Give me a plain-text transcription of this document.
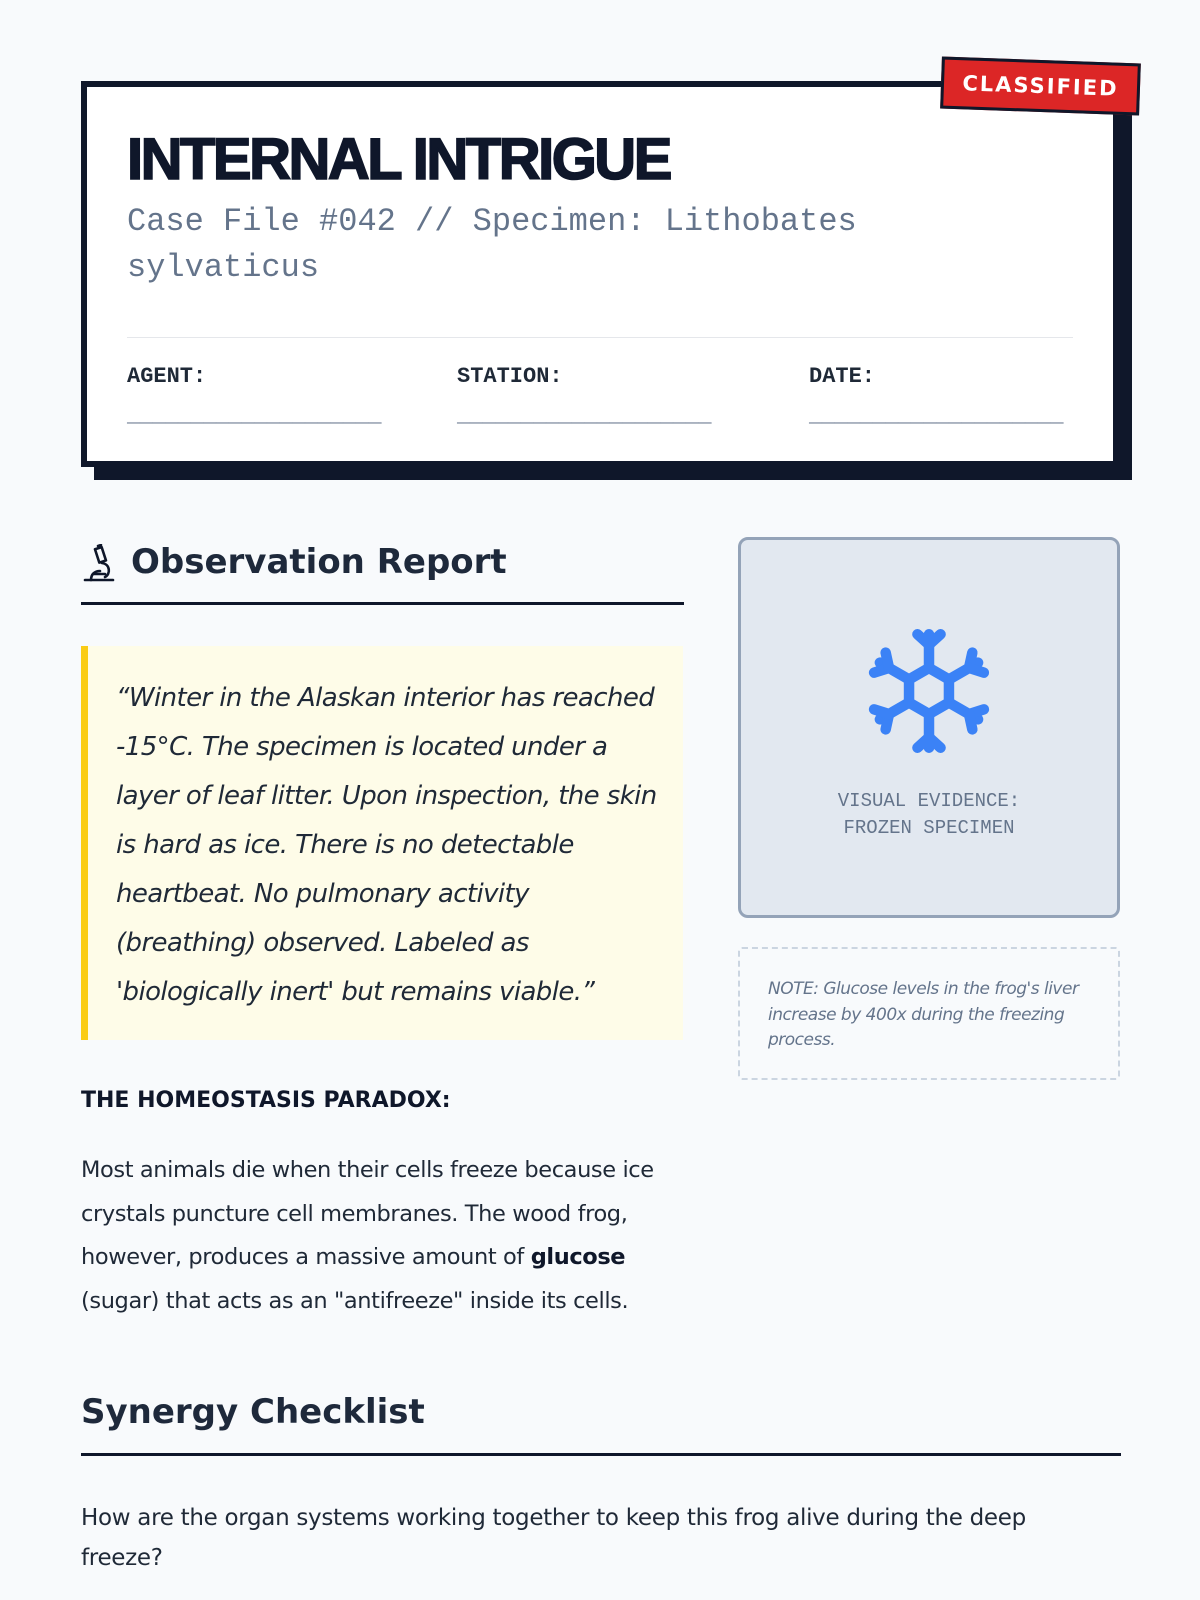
INTERNAL INTRIGUE
Case File #042 // Specimen: Lithobates sylvaticus
AGENT:
____________________
STATION:
____________________
DATE:
____________________
CLASSIFIED
Observation Report

“Winter in the Alaskan interior has reached -15°C. The specimen is located under a layer of leaf litter. Upon inspection, the skin is hard as ice. There is no detectable heartbeat. No pulmonary activity (breathing) observed. Labeled as 'biologically inert' but remains viable.”

THE HOMEOSTASIS PARADOX:
Most animals die when their cells freeze because ice crystals puncture cell membranes. The wood frog, however, produces a massive amount of glucose (sugar) that acts as an "antifreeze" inside its cells.
VISUAL EVIDENCE: FROZEN SPECIMEN

NOTE: Glucose levels in the frog's liver increase by 400x during the freezing process.

Synergy Checklist
How are the organ systems working together to keep this frog alive during the deep freeze?
